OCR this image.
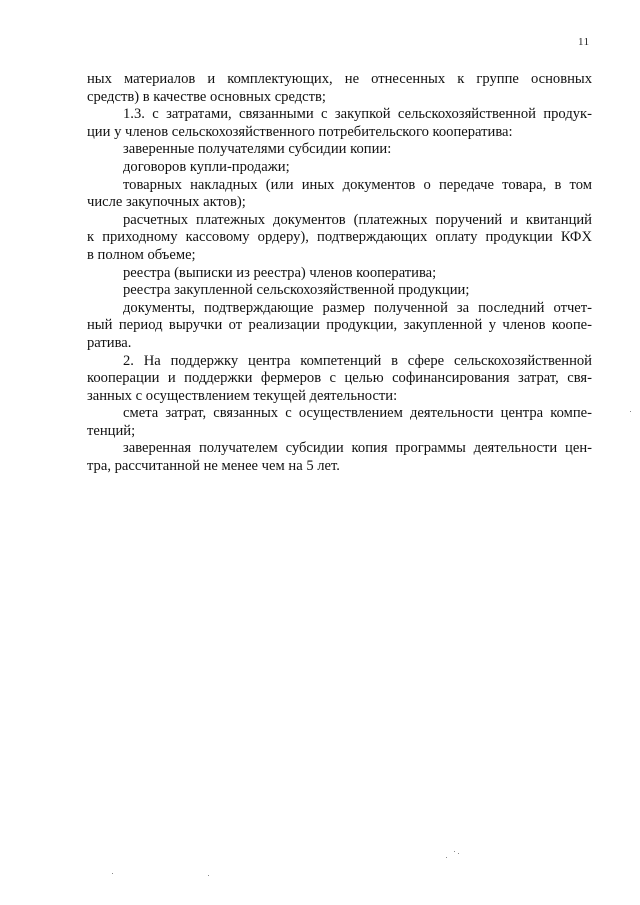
11
ных материалов и комплектующих, не отнесенных к группе основных
средств) в качестве основных средств;
1.3. с затратами, связанными с закупкой сельскохозяйственной продук-
ции у членов сельскохозяйственного потребительского кооператива:
заверенные получателями субсидии копии:
договоров купли-продажи;
товарных накладных (или иных документов о передаче товара, в том
числе закупочных актов);
расчетных платежных документов (платежных поручений и квитанций
к приходному кассовому ордеру), подтверждающих оплату продукции КФХ
в полном объеме;
реестра (выписки из реестра) членов кооператива;
реестра закупленной сельскохозяйственной продукции;
документы, подтверждающие размер полученной за последний отчет-
ный период выручки от реализации продукции, закупленной у членов коопе-
ратива.
2. На поддержку центра компетенций в сфере сельскохозяйственной
кооперации и поддержки фермеров с целью софинансирования затрат, свя-
занных с осуществлением текущей деятельности:
смета затрат, связанных с осуществлением деятельности центра компе-
тенций;
заверенная получателем субсидии копия программы деятельности цен-
тра, рассчитанной не менее чем на 5 лет.
